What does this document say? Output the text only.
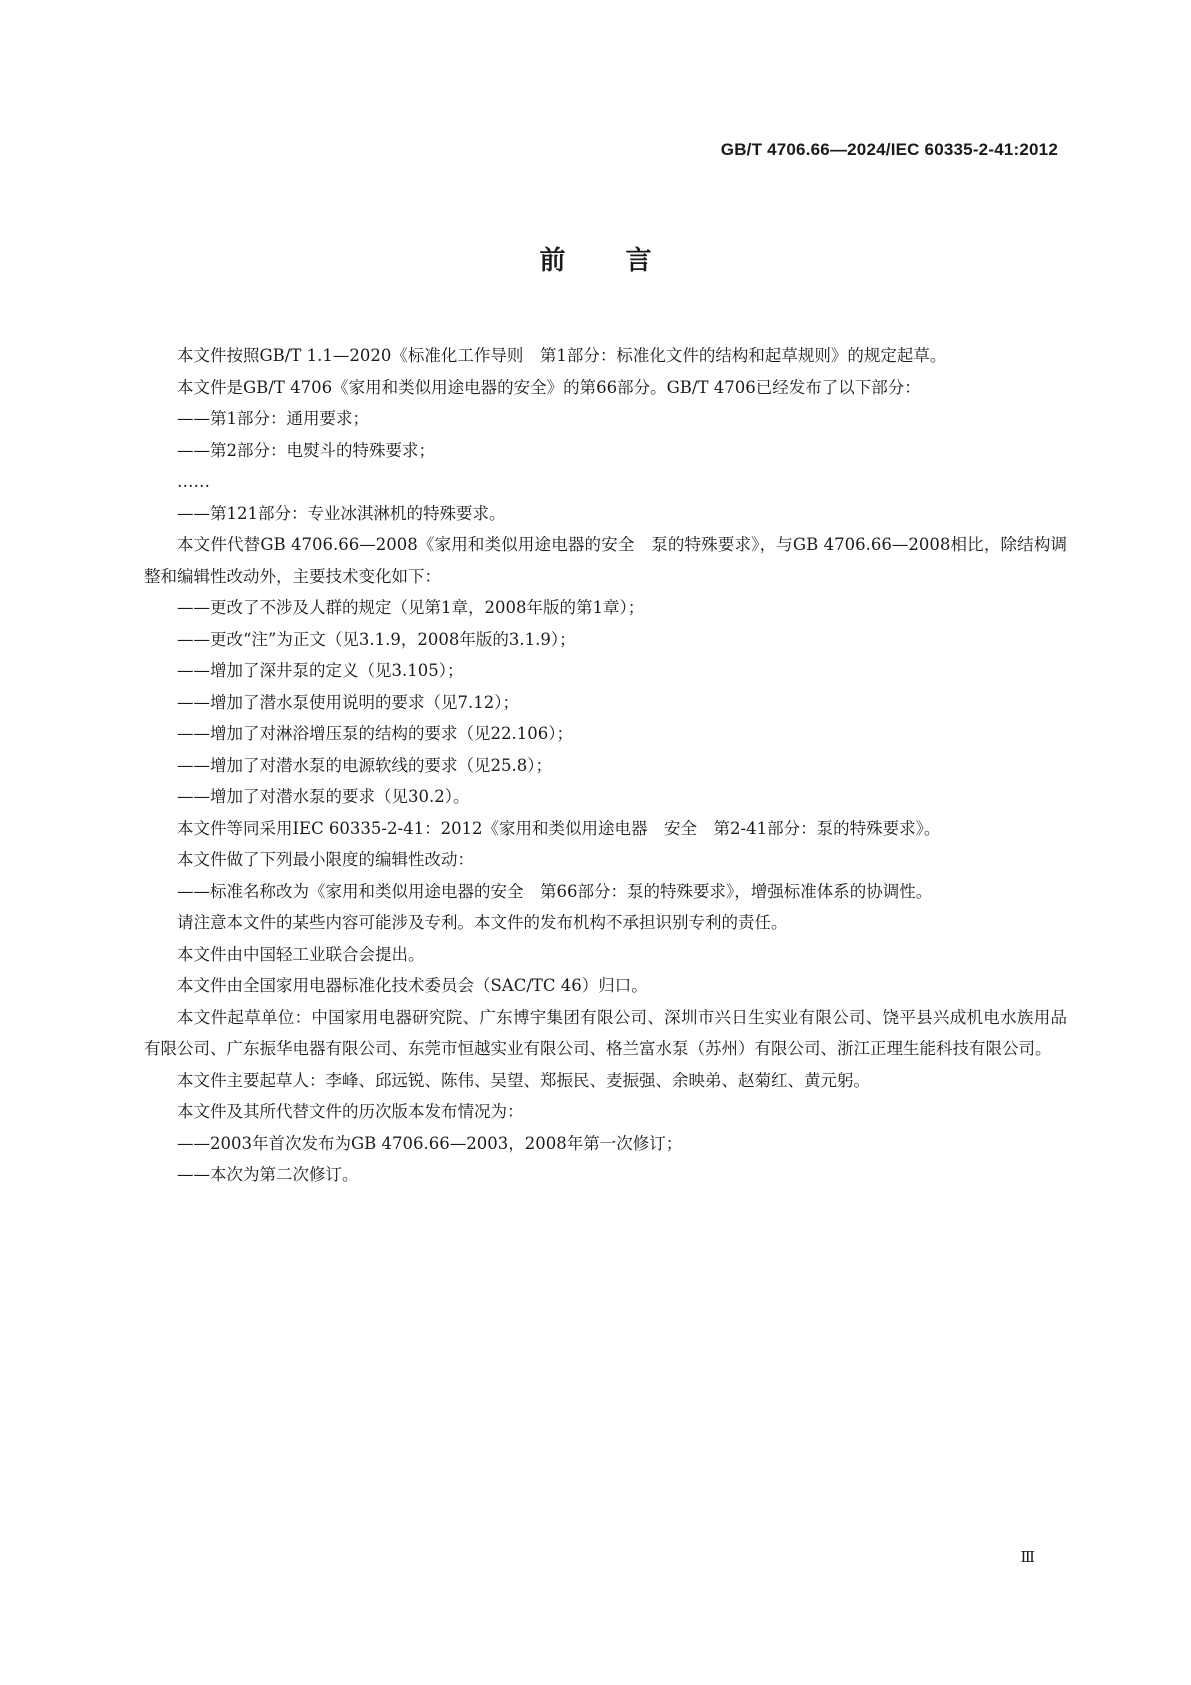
GB/T 4706.66—2024/IEC 60335-2-41:2012
前言

本文件按照GB/T 1.1—2020《标准化工作导则　第1部分：标准化文件的结构和起草规则》的规定起草。

本文件是GB/T 4706《家用和类似用途电器的安全》的第66部分。GB/T 4706已经发布了以下部分：

——第1部分：通用要求；

——第2部分：电熨斗的特殊要求；

……

——第121部分：专业冰淇淋机的特殊要求。

本文件代替GB 4706.66—2008《家用和类似用途电器的安全　泵的特殊要求》，与GB 4706.66—2008相比，除结构调整和编辑性改动外，主要技术变化如下：

——更改了不涉及人群的规定（见第1章，2008年版的第1章）；

——更改“注”为正文（见3.1.9，2008年版的3.1.9）；

——增加了深井泵的定义（见3.105）；

——增加了潜水泵使用说明的要求（见7.12）；

——增加了对淋浴增压泵的结构的要求（见22.106）；

——增加了对潜水泵的电源软线的要求（见25.8）；

——增加了对潜水泵的要求（见30.2）。

本文件等同采用IEC 60335-2-41：2012《家用和类似用途电器　安全　第2-41部分：泵的特殊要求》。

本文件做了下列最小限度的编辑性改动：

——标准名称改为《家用和类似用途电器的安全　第66部分：泵的特殊要求》，增强标准体系的协调性。

请注意本文件的某些内容可能涉及专利。本文件的发布机构不承担识别专利的责任。

本文件由中国轻工业联合会提出。

本文件由全国家用电器标准化技术委员会（SAC/TC 46）归口。

本文件起草单位：中国家用电器研究院、广东博宇集团有限公司、深圳市兴日生实业有限公司、饶平县兴成机电水族用品有限公司、广东振华电器有限公司、东莞市恒越实业有限公司、格兰富水泵（苏州）有限公司、浙江正理生能科技有限公司。

本文件主要起草人：李峰、邱远锐、陈伟、吴望、郑振民、麦振强、余映弟、赵菊红、黄元躬。

本文件及其所代替文件的历次版本发布情况为：

——2003年首次发布为GB 4706.66—2003，2008年第一次修订；

——本次为第二次修订。

Ⅲ
